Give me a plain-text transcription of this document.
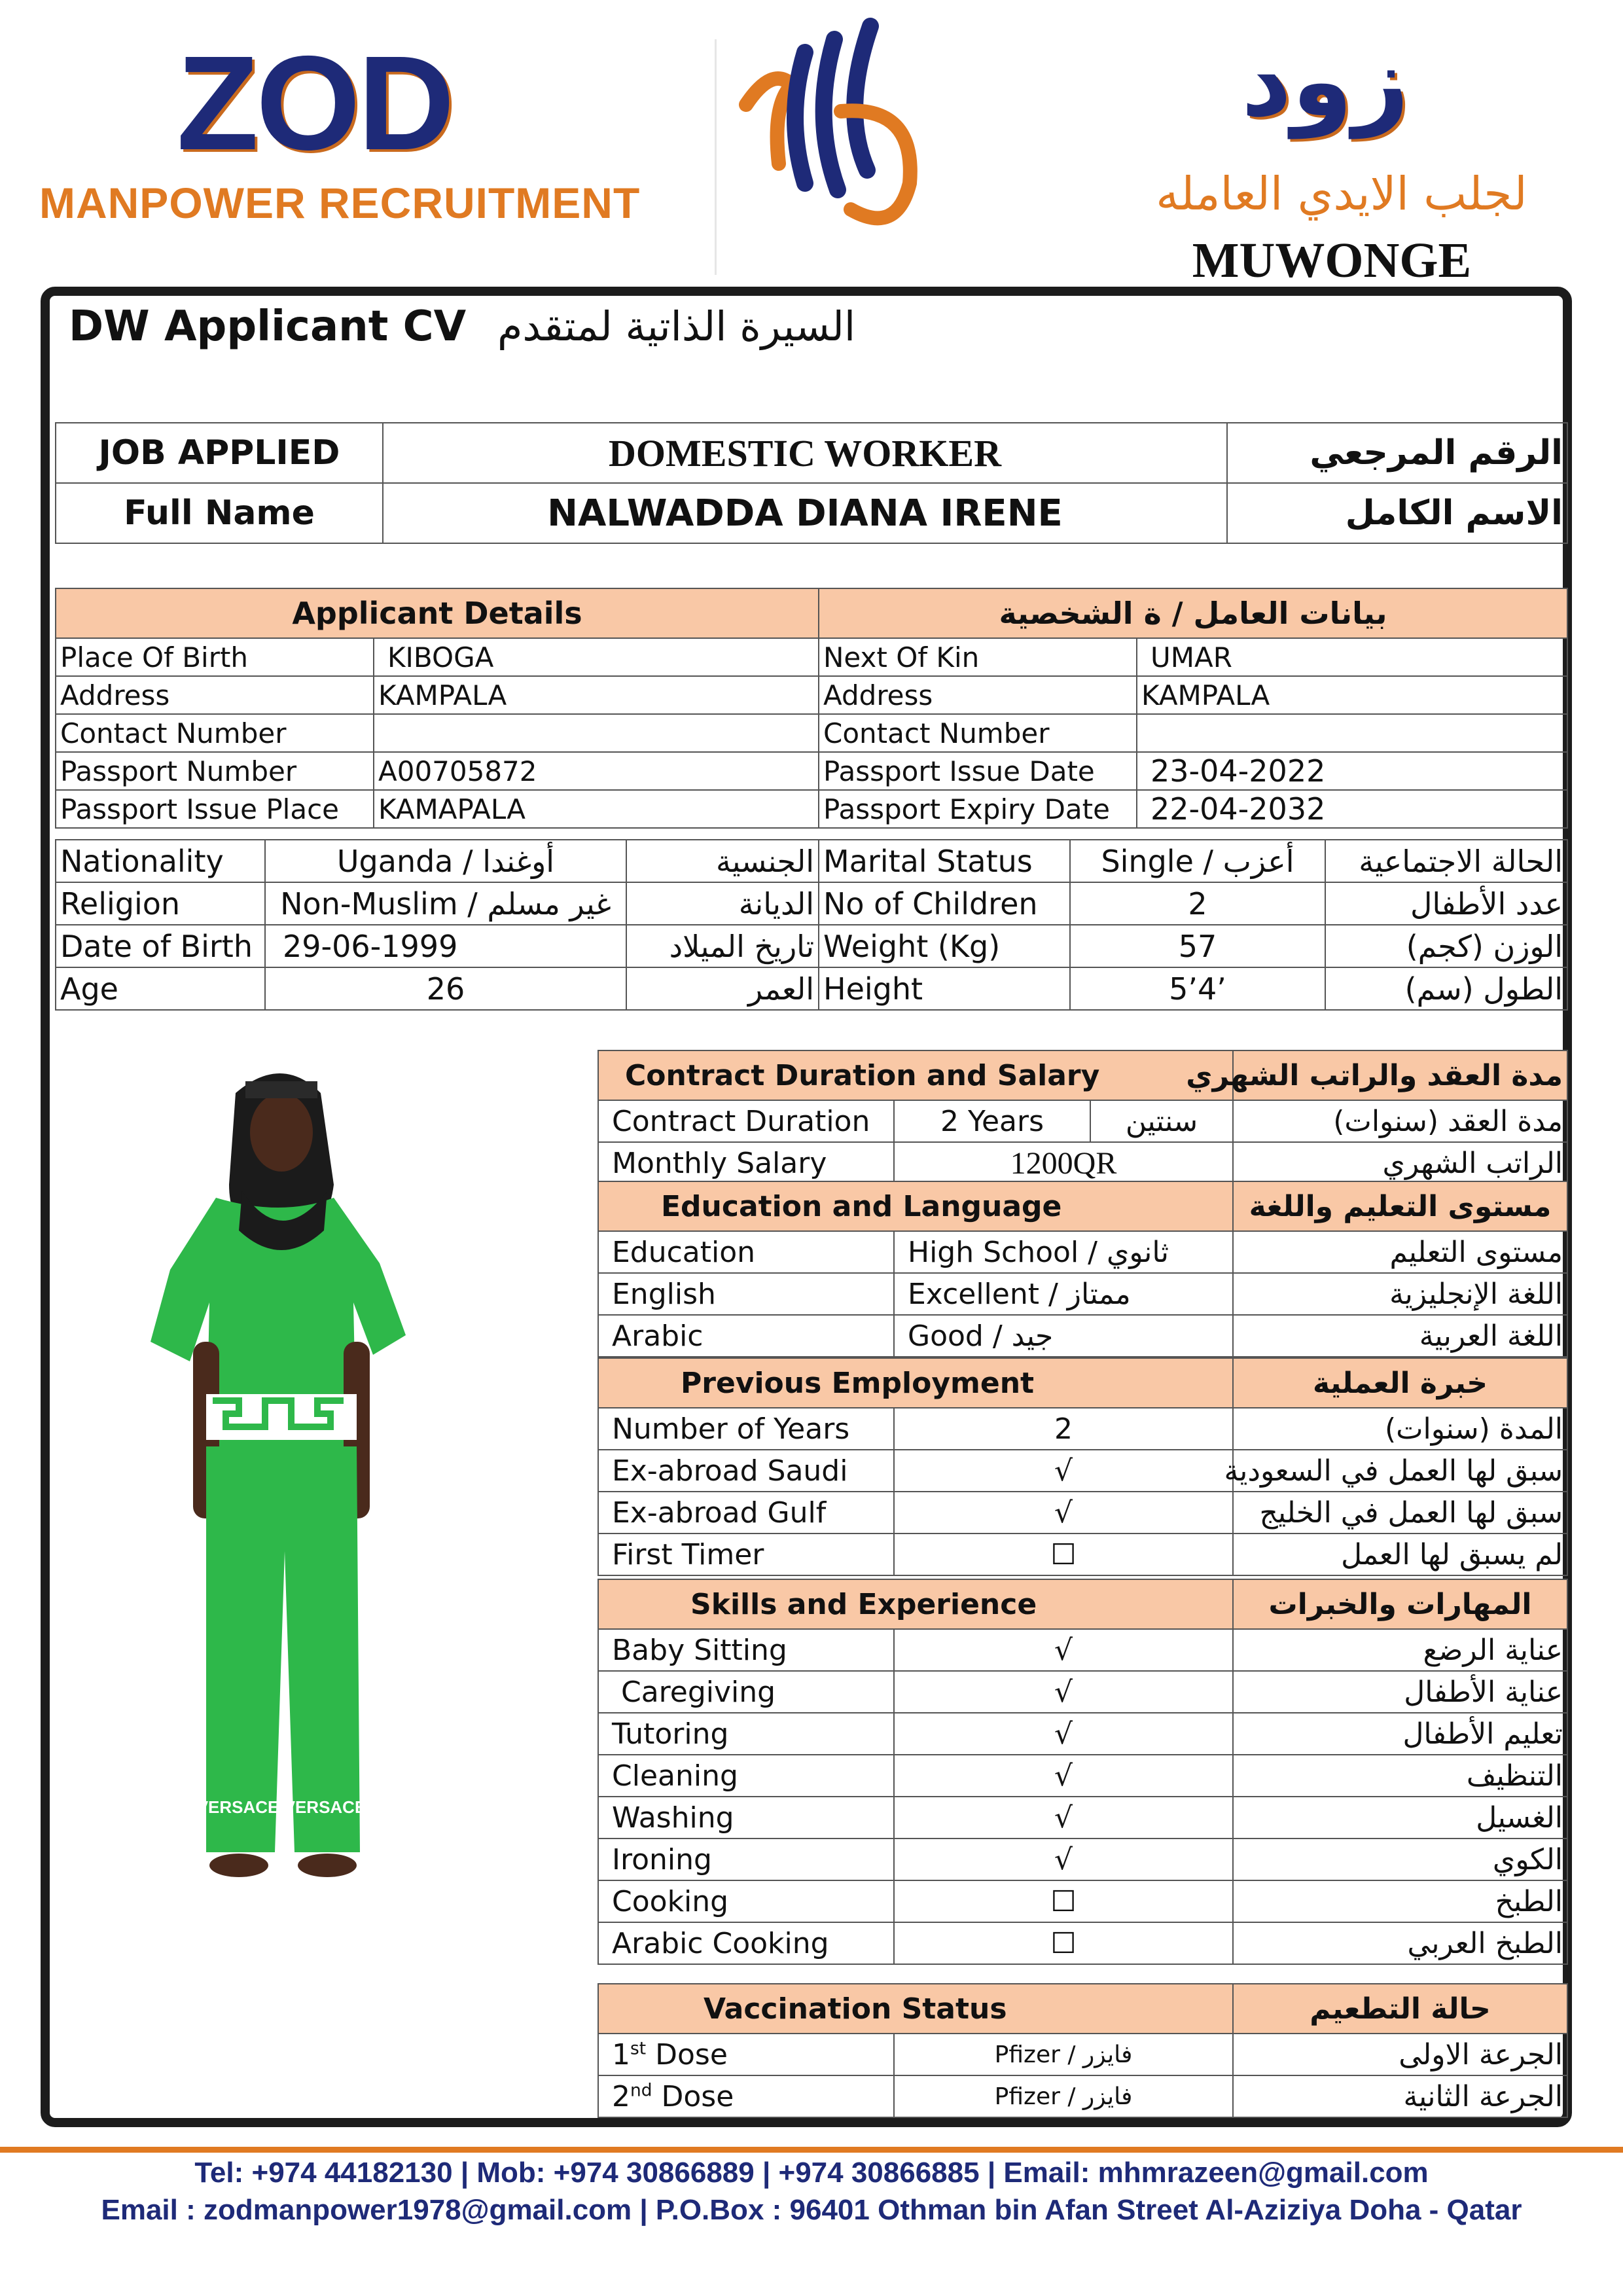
ZOD
MANPOWER RECRUITMENT
زود
لجلب الايدي العامله
MUWONGE
DW Applicant CV السيرة الذاتية لمتقدم
JOB APPLIED	DOMESTIC WORKER	الرقم المرجعي
Full Name	NALWADDA DIANA IRENE	الاسم الكامل
Applicant Details		بيانات العامل / ة الشخصية	
Place Of Birth	KIBOGA	Next Of Kin	UMAR
Address	KAMPALA	Address	KAMPALA
Contact Number		Contact Number	
Passport Number	A00705872	Passport Issue Date	23-04-2022
Passport Issue Place	KAMAPALA	Passport Expiry Date	22-04-2032
Nationality	Uganda / أوغندا	الجنسية	Marital Status	Single / أعزب	الحالة الاجتماعية
Religion	Non-Muslim / غير مسلم	الديانة	No of Children	2	عدد الأطفال
Date of Birth	29-06-1999	تاريخ الميلاد	Weight (Kg)	57	الوزن (كجم)
Age	26	العمر	Height	5’4’	الطول (سم)
VERSACE VERSACE
Contract Duration and Salary			مدة العقد والراتب الشهري
Contract Duration	2 Years	سنتين	مدة العقد (سنوات)
Monthly Salary	1200QR		الراتب الشهري
Education and Language		مستوى التعليم واللغة
Education	High School / ثانوي	مستوى التعليم
English	Excellent / ممتاز	اللغة الإنجليزية
Arabic	Good / جيد	اللغة العربية
Previous Employment		خبرة العملية
Number of Years	2	المدة (سنوات)
Ex-abroad Saudi	√	سبق لها العمل في السعودية
Ex-abroad Gulf	√	سبق لها العمل في الخليج
First Timer	☐	لم يسبق لها العمل
Skills and Experience		المهارات والخبرات
Baby Sitting	√	عناية الرضع
Caregiving	√	عناية الأطفال
Tutoring	√	تعليم الأطفال
Cleaning	√	التنظيف
Washing	√	الغسيل
Ironing	√	الكوي
Cooking	☐	الطبخ
Arabic Cooking	☐	الطبخ العربي
Vaccination Status		حالة التطعيم
1st Dose	Pfizer / فايزر	الجرعة الاولى
2nd Dose	Pfizer / فايزر	الجرعة الثانية
Tel: +974 44182130 | Mob: +974 30866889 | +974 30866885 | Email: mhmrazeen@gmail.com
Email : zodmanpower1978@gmail.com | P.O.Box : 96401 Othman bin Afan Street Al-Aziziya Doha - Qatar
